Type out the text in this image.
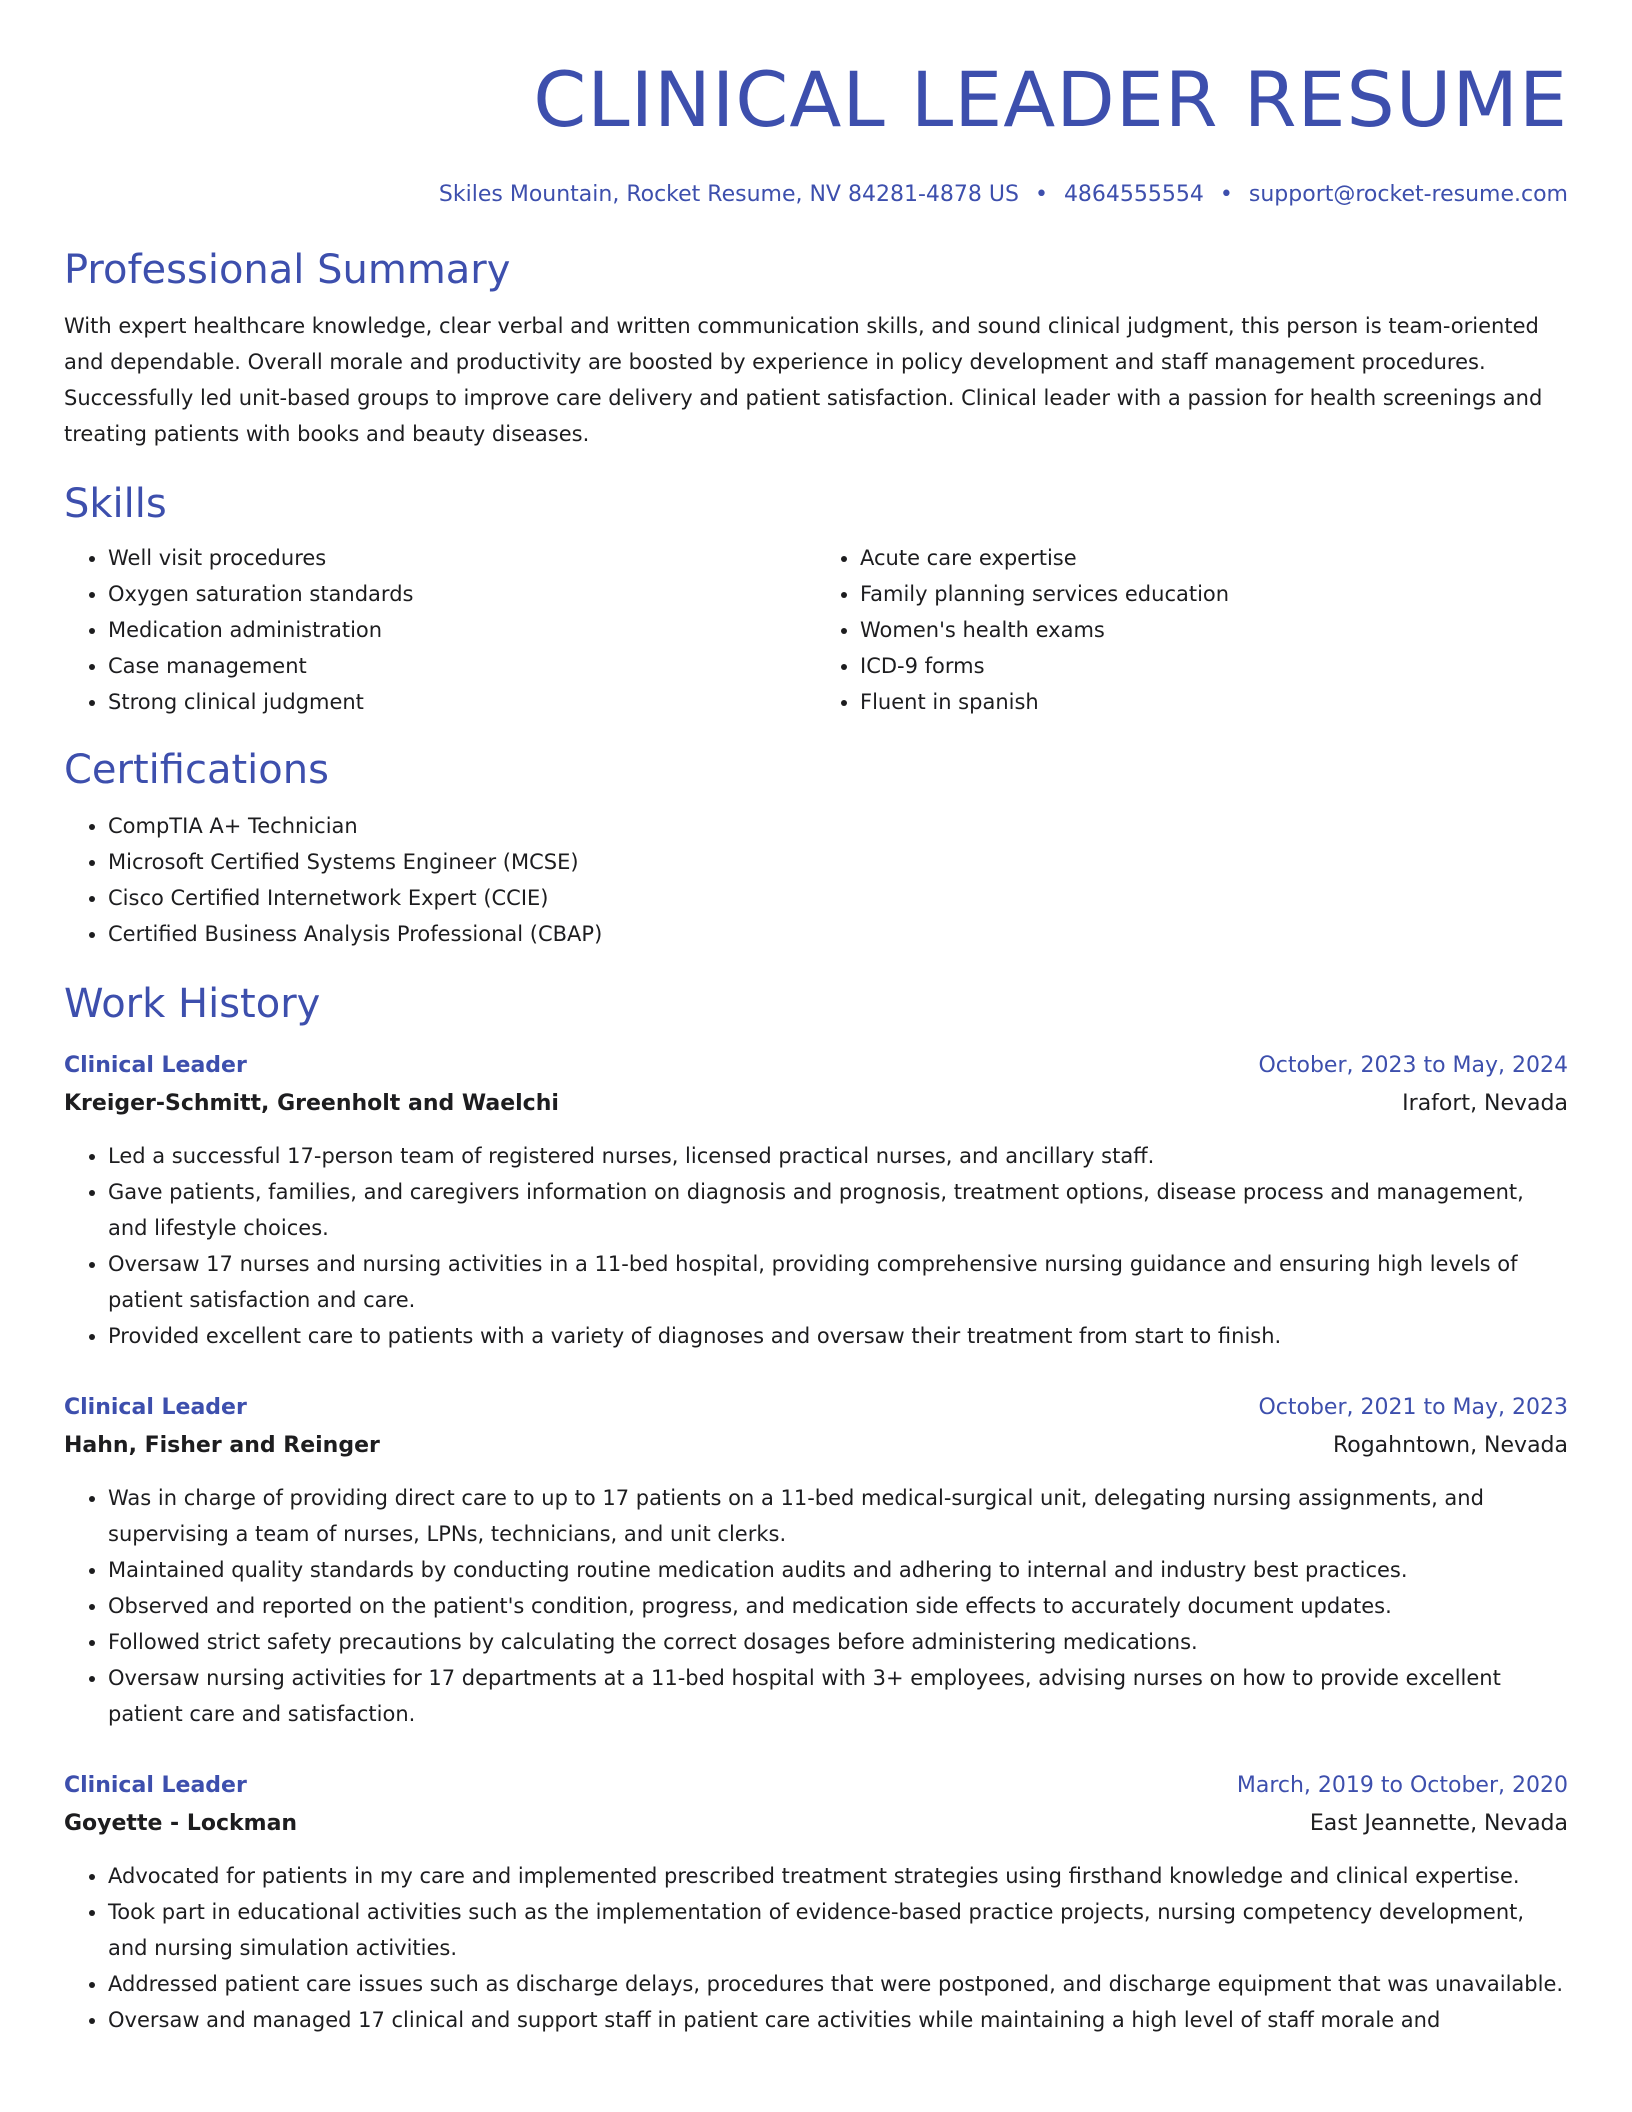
CLINICAL LEADER RESUME
Skiles Mountain, Rocket Resume, NV 84281-4878 US • 4864555554 • support@rocket-resume.com
Professional Summary
With expert healthcare knowledge, clear verbal and written communication skills, and sound clinical judgment, this person is team-oriented and dependable. Overall morale and productivity are boosted by experience in policy development and staff management procedures. Successfully led unit-based groups to improve care delivery and patient satisfaction. Clinical leader with a passion for health screenings and treating patients with books and beauty diseases.
Skills
• Well visit procedures
• Oxygen saturation standards
• Medication administration
• Case management
• Strong clinical judgment
• Acute care expertise
• Family planning services education
• Women's health exams
• ICD-9 forms
• Fluent in spanish
Certifications
• CompTIA A+ Technician
• Microsoft Certified Systems Engineer (MCSE)
• Cisco Certified Internetwork Expert (CCIE)
• Certified Business Analysis Professional (CBAP)
Work History
Clinical Leader	October, 2023 to May, 2024
Kreiger-Schmitt, Greenholt and Waelchi	Irafort, Nevada
• Led a successful 17-person team of registered nurses, licensed practical nurses, and ancillary staff.
• Gave patients, families, and caregivers information on diagnosis and prognosis, treatment options, disease process and management, and lifestyle choices.
• Oversaw 17 nurses and nursing activities in a 11-bed hospital, providing comprehensive nursing guidance and ensuring high levels of patient satisfaction and care.
• Provided excellent care to patients with a variety of diagnoses and oversaw their treatment from start to finish.
Clinical Leader	October, 2021 to May, 2023
Hahn, Fisher and Reinger	Rogahntown, Nevada
• Was in charge of providing direct care to up to 17 patients on a 11-bed medical-surgical unit, delegating nursing assignments, and supervising a team of nurses, LPNs, technicians, and unit clerks.
• Maintained quality standards by conducting routine medication audits and adhering to internal and industry best practices.
• Observed and reported on the patient's condition, progress, and medication side effects to accurately document updates.
• Followed strict safety precautions by calculating the correct dosages before administering medications.
• Oversaw nursing activities for 17 departments at a 11-bed hospital with 3+ employees, advising nurses on how to provide excellent patient care and satisfaction.
Clinical Leader	March, 2019 to October, 2020
Goyette - Lockman	East Jeannette, Nevada
• Advocated for patients in my care and implemented prescribed treatment strategies using firsthand knowledge and clinical expertise.
• Took part in educational activities such as the implementation of evidence-based practice projects, nursing competency development, and nursing simulation activities.
• Addressed patient care issues such as discharge delays, procedures that were postponed, and discharge equipment that was unavailable.
• Oversaw and managed 17 clinical and support staff in patient care activities while maintaining a high level of staff morale and
